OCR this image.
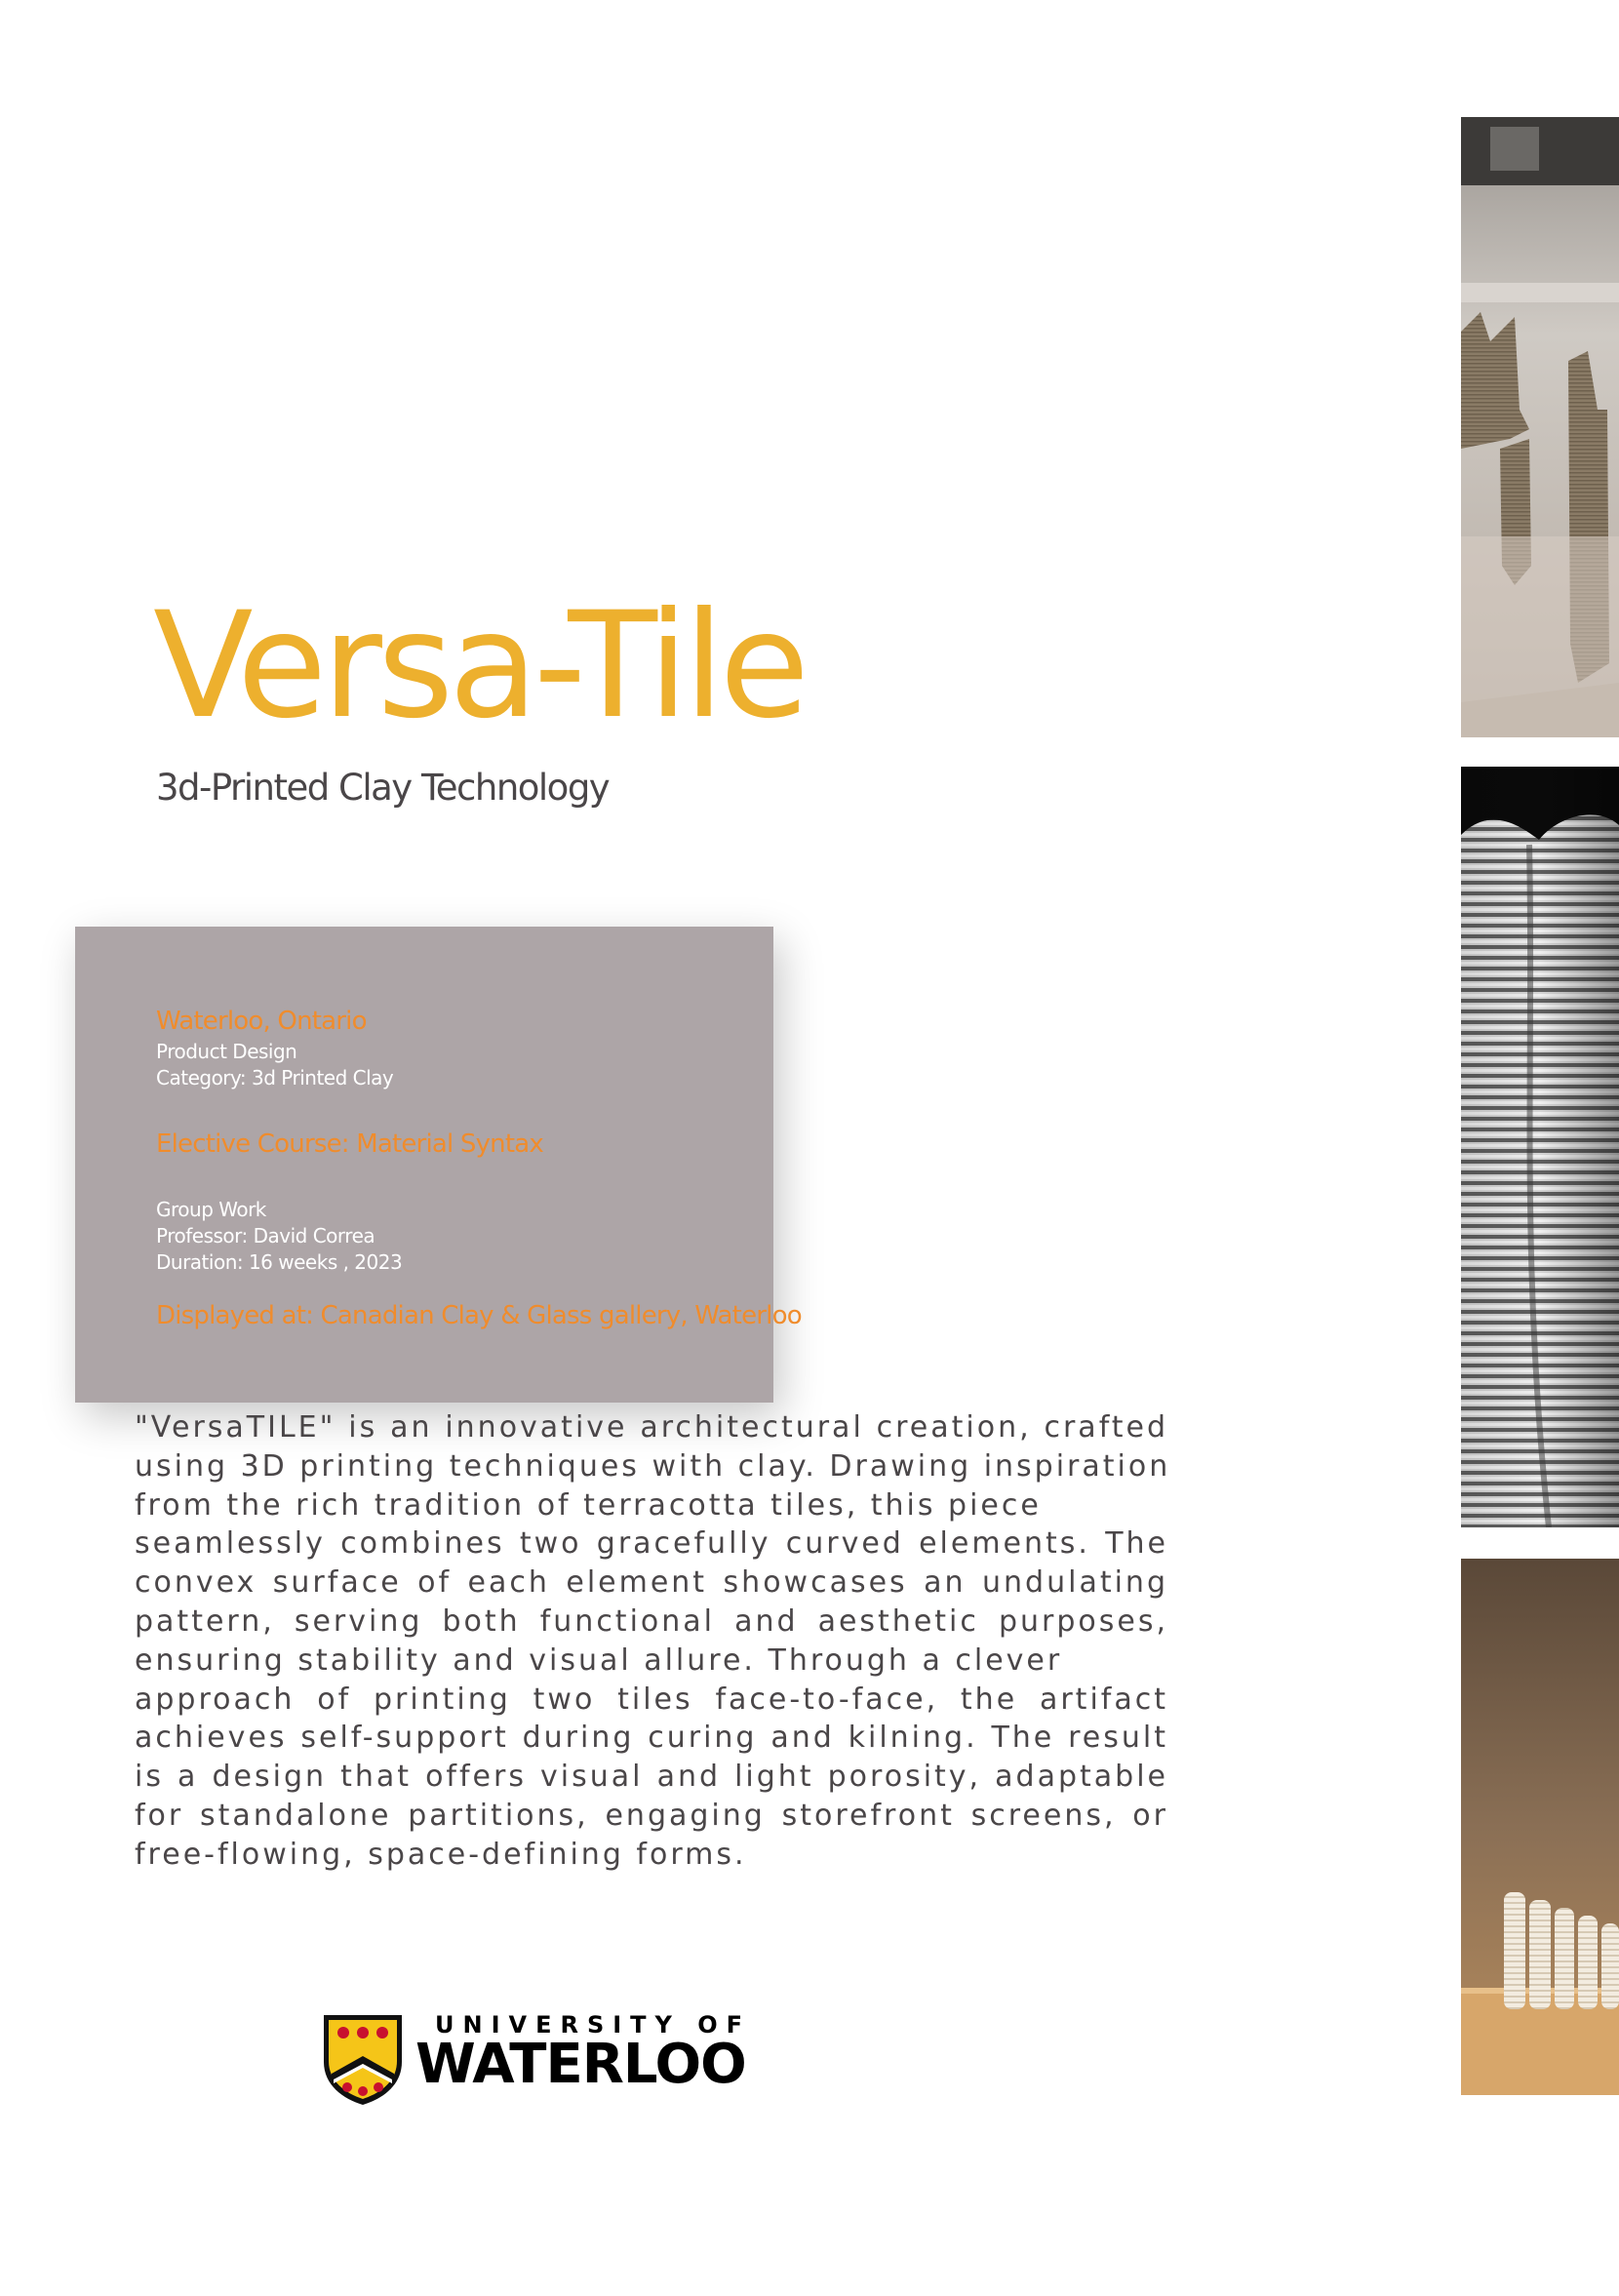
Versa-Tile
3d-Printed Clay Technology
Waterloo, Ontario
Product Design
Category: 3d Printed Clay
Elective Course: Material Syntax
Group Work
Professor: David Correa
Duration: 16 weeks , 2023
Displayed at: Canadian Clay & Glass gallery, Waterloo
"VersaTILE" is an innovative architectural creation, crafted
using 3D printing techniques with clay. Drawing inspiration
from the rich tradition of terracotta tiles, this piece
seamlessly combines two gracefully curved elements. The
convex surface of each element showcases an undulating
pattern, serving both functional and aesthetic purposes,
ensuring stability and visual allure. Through a clever
approach of printing two tiles face-to-face, the artifact
achieves self-support during curing and kilning. The result
is a design that offers visual and light porosity, adaptable
for standalone partitions, engaging storefront screens, or
free-flowing, space-defining forms.
UNIVERSITY OF
WATERLOO
